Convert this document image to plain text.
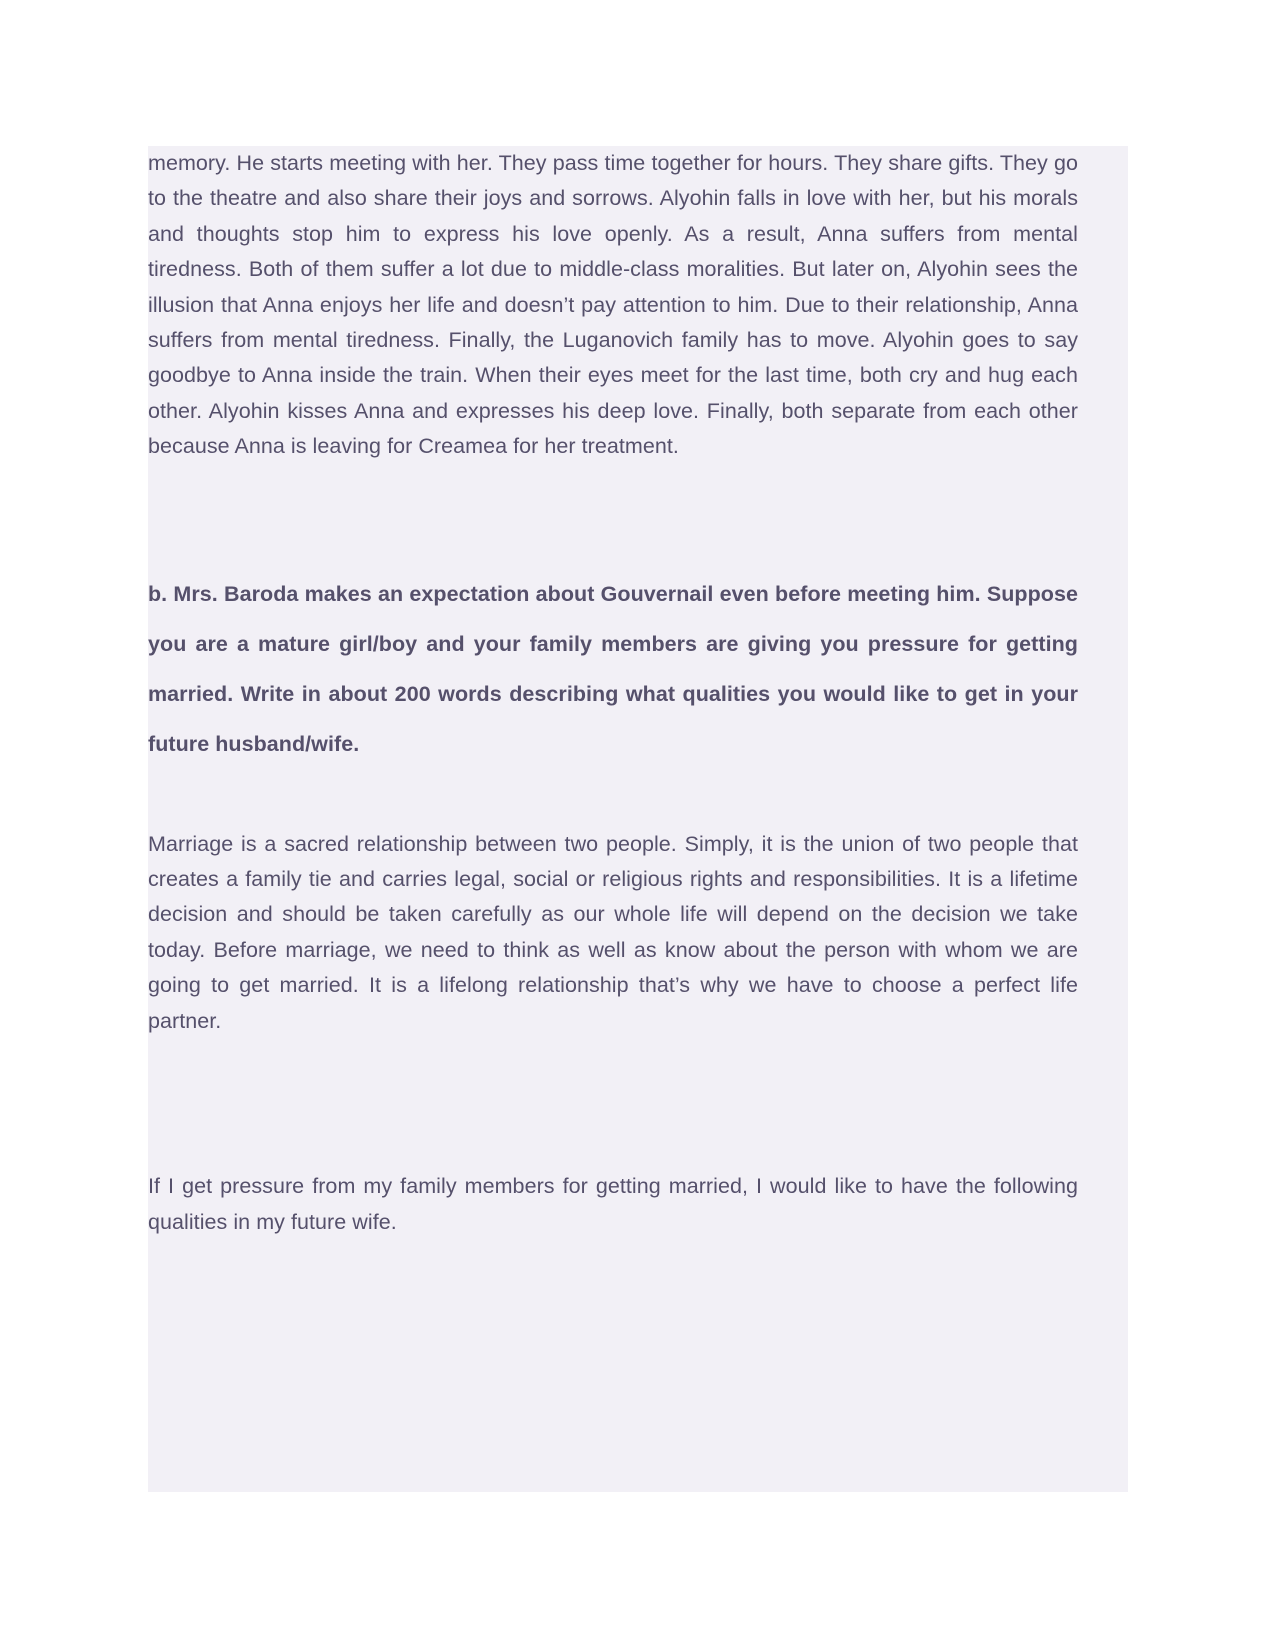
memory. He starts meeting with her. They pass time together for hours. They share gifts. They go to the theatre and also share their joys and sorrows. Alyohin falls in love with her, but his morals and thoughts stop him to express his love openly. As a result, Anna suffers from mental tiredness. Both of them suffer a lot due to middle-class moralities. But later on, Alyohin sees the illusion that Anna enjoys her life and doesn’t pay attention to him. Due to their relationship, Anna suffers from mental tiredness. Finally, the Luganovich family has to move. Alyohin goes to say goodbye to Anna inside the train. When their eyes meet for the last time, both cry and hug each other. Alyohin kisses Anna and expresses his deep love. Finally, both separate from each other because Anna is leaving for Creamea for her treatment.

b. Mrs. Baroda makes an expectation about Gouvernail even before meeting him. Suppose you are a mature girl/boy and your family members are giving you pressure for getting married. Write in about 200 words describing what qualities you would like to get in your future husband/wife.

Marriage is a sacred relationship between two people. Simply, it is the union of two people that creates a family tie and carries legal, social or religious rights and responsibilities. It is a lifetime decision and should be taken carefully as our whole life will depend on the decision we take today. Before marriage, we need to think as well as know about the person with whom we are going to get married. It is a lifelong relationship that’s why we have to choose a perfect life partner.

If I get pressure from my family members for getting married, I would like to have the following qualities in my future wife.
